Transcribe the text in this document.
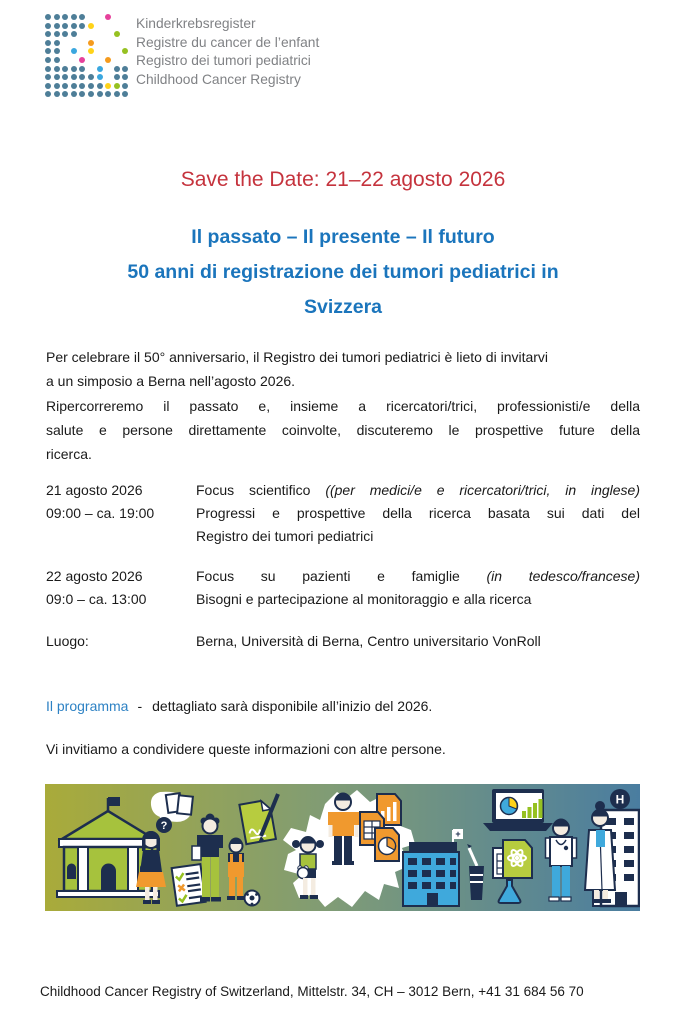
Kinderkrebsregister
Registre du cancer de l’enfant
Registro dei tumori pediatrici
Childhood Cancer Registry
Save the Date: 21–22 agosto 2026
Il passato – Il presente – Il futuro
50 anni di registrazione dei tumori pediatrici in
Svizzera
Per celebrare il 50° anniversario, il Registro dei tumori pediatrici è lieto di invitarvi
a un simposio a Berna nell’agosto 2026.
Ripercorreremo il passato e, insieme a ricercatori/trici, professionisti/e della
salute e persone direttamente coinvolte, discuteremo le prospettive future della
ricerca.
21 agosto 2026
09:00 – ca. 19:00
Focus scientifico ((per medici/e e ricercatori/trici, in inglese)
Progressi e prospettive della ricerca basata sui dati del
Registro dei tumori pediatrici
22 agosto 2026
09:0 – ca. 13:00
Focus su pazienti e famiglie (in tedesco/francese)
Bisogni e partecipazione al monitoraggio e alla ricerca
Luogo:	Berna, Università di Berna, Centro universitario VonRoll
Il programma - dettagliato sarà disponibile all’inizio del 2026.
Vi invitiamo a condividere queste informazioni con altre persone.
?
+
H
Childhood Cancer Registry of Switzerland, Mittelstr. 34, CH – 3012 Bern, +41 31 684 56 70
